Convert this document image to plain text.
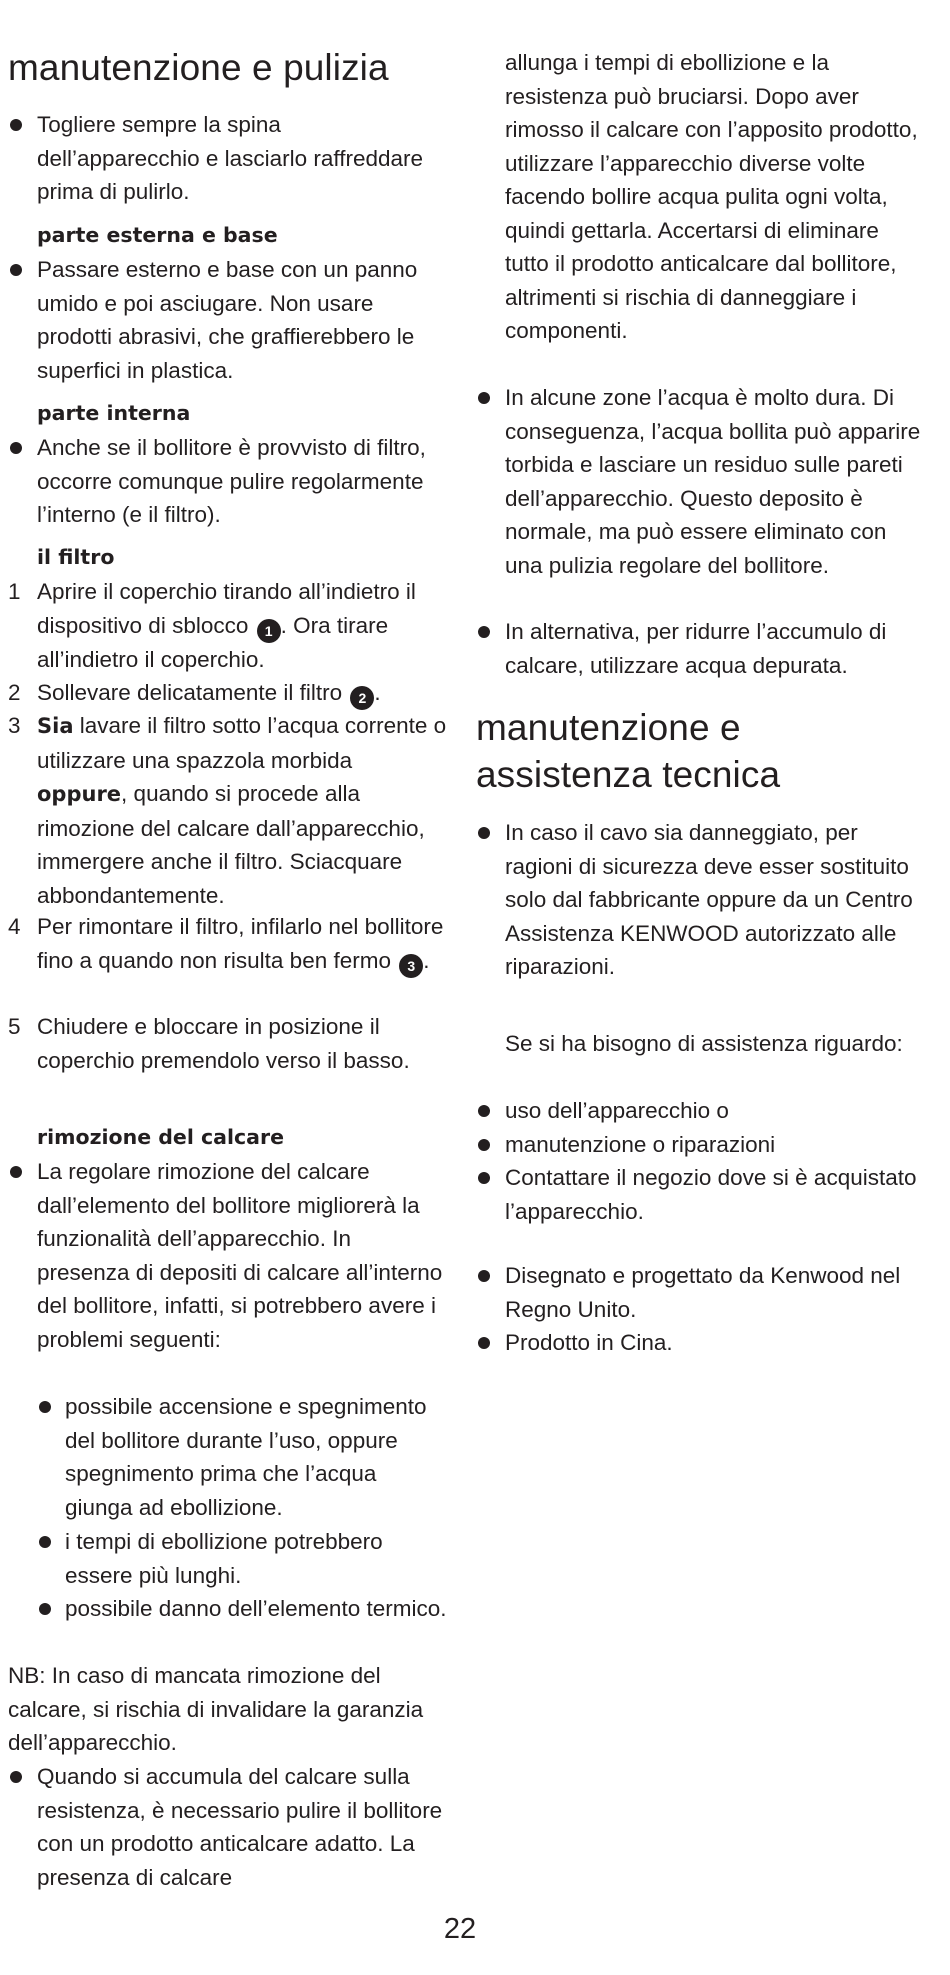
manutenzione e pulizia
Togliere sempre la spina dell’apparecchio e lasciarlo raffreddare prima di pulirlo.
parte esterna e base
Passare esterno e base con un panno umido e poi asciugare. Non usare prodotti abrasivi, che graffierebbero le superfici in plastica.
parte interna
Anche se il bollitore è provvisto di filtro, occorre comunque pulire regolarmente l’interno (e il filtro).
il filtro
1 Aprire il coperchio tirando all’indietro il dispositivo di sblocco 1 . Ora tirare all’indietro il coperchio.
2 Sollevare delicatamente il filtro 2 .
3 Sia lavare il filtro sotto l’acqua corrente o utilizzare una spazzola morbida oppure, quando si procede alla rimozione del calcare dall’apparecchio, immergere anche il filtro. Sciacquare abbondantemente.
4 Per rimontare il filtro, infilarlo nel bollitore fino a quando non risulta ben fermo 3 .
5 Chiudere e bloccare in posizione il coperchio premendolo verso il basso.
rimozione del calcare
La regolare rimozione del calcare dall’elemento del bollitore migliorerà la funzionalità dell’apparecchio. In presenza di depositi di calcare all’interno del bollitore, infatti, si potrebbero avere i problemi seguenti:
possibile accensione e spegnimento del bollitore durante l’uso, oppure spegnimento prima che l’acqua giunga ad ebollizione.
i tempi di ebollizione potrebbero essere più lunghi.
possibile danno dell’elemento termico.
NB: In caso di mancata rimozione del calcare, si rischia di invalidare la garanzia dell’apparecchio.
Quando si accumula del calcare sulla resistenza, è necessario pulire il bollitore con un prodotto anticalcare adatto. La presenza di calcare
allunga i tempi di ebollizione e la resistenza può bruciarsi. Dopo aver rimosso il calcare con l’apposito prodotto, utilizzare l’apparecchio diverse volte facendo bollire acqua pulita ogni volta, quindi gettarla. Accertarsi di eliminare tutto il prodotto anticalcare dal bollitore, altrimenti si rischia di danneggiare i componenti.
In alcune zone l’acqua è molto dura. Di conseguenza, l’acqua bollita può apparire torbida e lasciare un residuo sulle pareti dell’apparecchio. Questo deposito è normale, ma può essere eliminato con una pulizia regolare del bollitore.
In alternativa, per ridurre l’accumulo di calcare, utilizzare acqua depurata.
manutenzione e assistenza tecnica
In caso il cavo sia danneggiato, per ragioni di sicurezza deve esser sostituito solo dal fabbricante oppure da un Centro Assistenza KENWOOD autorizzato alle riparazioni.
Se si ha bisogno di assistenza riguardo:
uso dell’apparecchio o
manutenzione o riparazioni
Contattare il negozio dove si è acquistato l’apparecchio.
Disegnato e progettato da Kenwood nel Regno Unito.
Prodotto in Cina.
22
